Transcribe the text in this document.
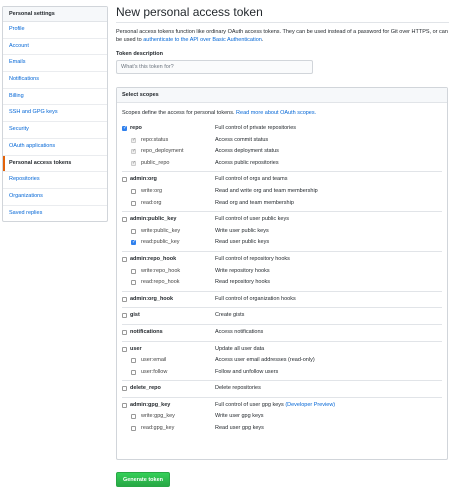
Personal settings
Profile
Account
Emails
Notifications
Billing
SSH and GPG keys
Security
OAuth applications
Personal access tokens
Repositories
Organizations
Saved replies
New personal access token
Personal access tokens function like ordinary OAuth access tokens. They can be used instead of a password for Git over HTTPS, or can be used to authenticate to the API over Basic Authentication.
Token description
What's this token for?
Select scopes
Scopes define the access for personal tokens. Read more about OAuth scopes.
✓
repo	Full control of private repositories
✓
repo:status	Access commit status
✓
repo_deployment	Access deployment status
✓
public_repo	Access public repositories
admin:org	Full control of orgs and teams
write:org	Read and write org and team membership
read:org	Read org and team membership
admin:public_key	Full control of user public keys
write:public_key	Write user public keys
✓
read:public_key	Read user public keys
admin:repo_hook	Full control of repository hooks
write:repo_hook	Write repository hooks
read:repo_hook	Read repository hooks
admin:org_hook	Full control of organization hooks
gist	Create gists
notifications	Access notifications
user	Update all user data
user:email	Access user email addresses (read-only)
user:follow	Follow and unfollow users
delete_repo	Delete repositories
admin:gpg_key	Full control of user gpg keys (Developer Preview)
write:gpg_key	Write user gpg keys
read:gpg_key	Read user gpg keys
Generate token
